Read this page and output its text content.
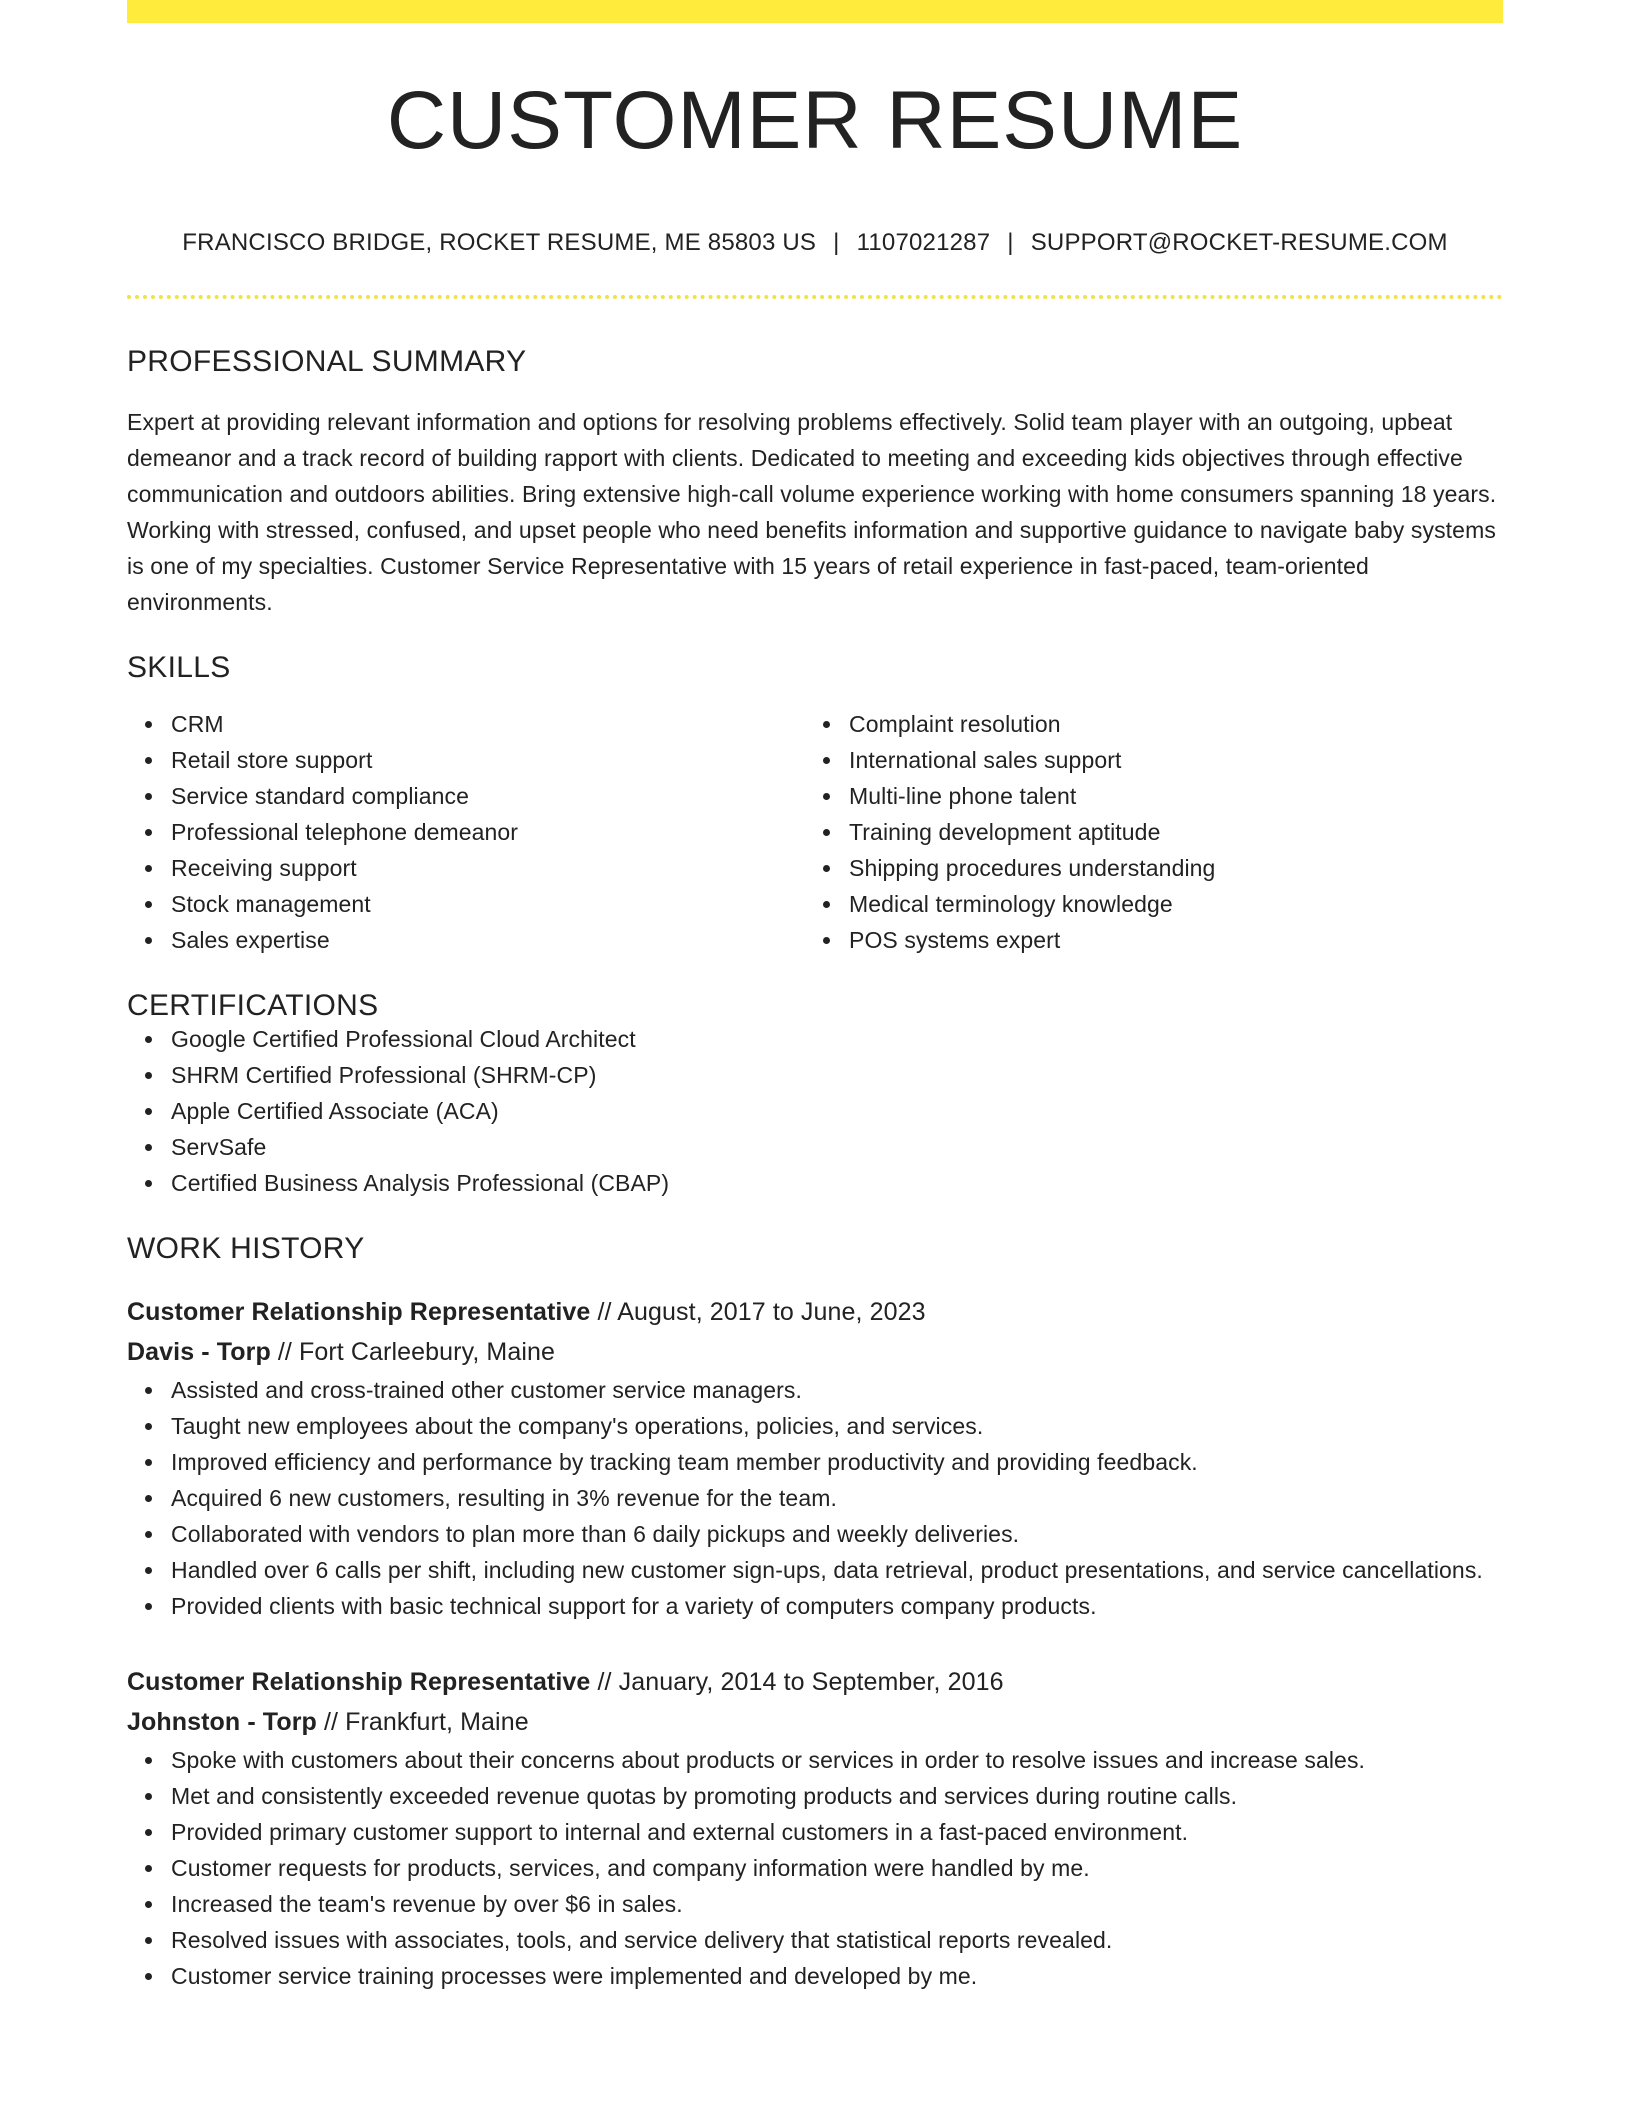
CUSTOMER RESUME
FRANCISCO BRIDGE, ROCKET RESUME, ME 85803 US | 1107021287 | SUPPORT@ROCKET-RESUME.COM
PROFESSIONAL SUMMARY

Expert at providing relevant information and options for resolving problems effectively. Solid team player with an outgoing, upbeat demeanor and a track record of building rapport with clients. Dedicated to meeting and exceeding kids objectives through effective communication and outdoors abilities. Bring extensive high-call volume experience working with home consumers spanning 18 years. Working with stressed, confused, and upset people who need benefits information and supportive guidance to navigate baby systems is one of my specialties. Customer Service Representative with 15 years of retail experience in fast-paced, team-oriented environments.

SKILLS
CRM
Retail store support
Service standard compliance
Professional telephone demeanor
Receiving support
Stock management
Sales expertise
Complaint resolution
International sales support
Multi-line phone talent
Training development aptitude
Shipping procedures understanding
Medical terminology knowledge
POS systems expert
CERTIFICATIONS
Google Certified Professional Cloud Architect
SHRM Certified Professional (SHRM-CP)
Apple Certified Associate (ACA)
ServSafe
Certified Business Analysis Professional (CBAP)
WORK HISTORY
Customer Relationship Representative // August, 2017 to June, 2023
Davis - Torp // Fort Carleebury, Maine
Assisted and cross-trained other customer service managers.
Taught new employees about the company's operations, policies, and services.
Improved efficiency and performance by tracking team member productivity and providing feedback.
Acquired 6 new customers, resulting in 3% revenue for the team.
Collaborated with vendors to plan more than 6 daily pickups and weekly deliveries.
Handled over 6 calls per shift, including new customer sign-ups, data retrieval, product presentations, and service cancellations.
Provided clients with basic technical support for a variety of computers company products.
Customer Relationship Representative // January, 2014 to September, 2016
Johnston - Torp // Frankfurt, Maine
Spoke with customers about their concerns about products or services in order to resolve issues and increase sales.
Met and consistently exceeded revenue quotas by promoting products and services during routine calls.
Provided primary customer support to internal and external customers in a fast-paced environment.
Customer requests for products, services, and company information were handled by me.
Increased the team's revenue by over $6 in sales.
Resolved issues with associates, tools, and service delivery that statistical reports revealed.
Customer service training processes were implemented and developed by me.
